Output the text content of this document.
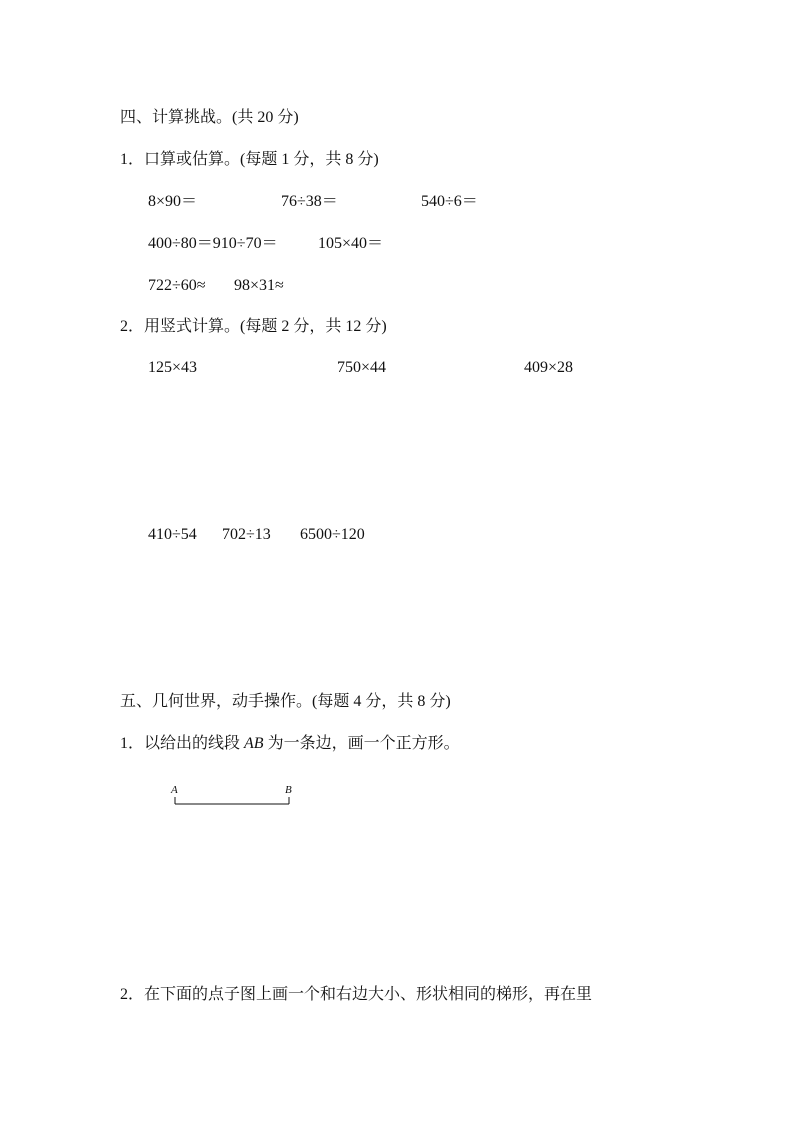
四、计算挑战。(共 20 分)
1．口算或估算。(每题 1 分，共 8 分)
8×90＝	76÷38＝	540÷6＝
400÷80＝910÷70＝	105×40＝
722÷60≈ 98×31≈
2．用竖式计算。(每题 2 分，共 12 分)
125×43	750×44	409×28
410÷54 702÷13 6500÷120
五、几何世界，动手操作。(每题 4 分，共 8 分)
1．以给出的线段 AB 为一条边，画一个正方形。
A	B
2．在下面的点子图上画一个和右边大小、形状相同的梯形，再在里
